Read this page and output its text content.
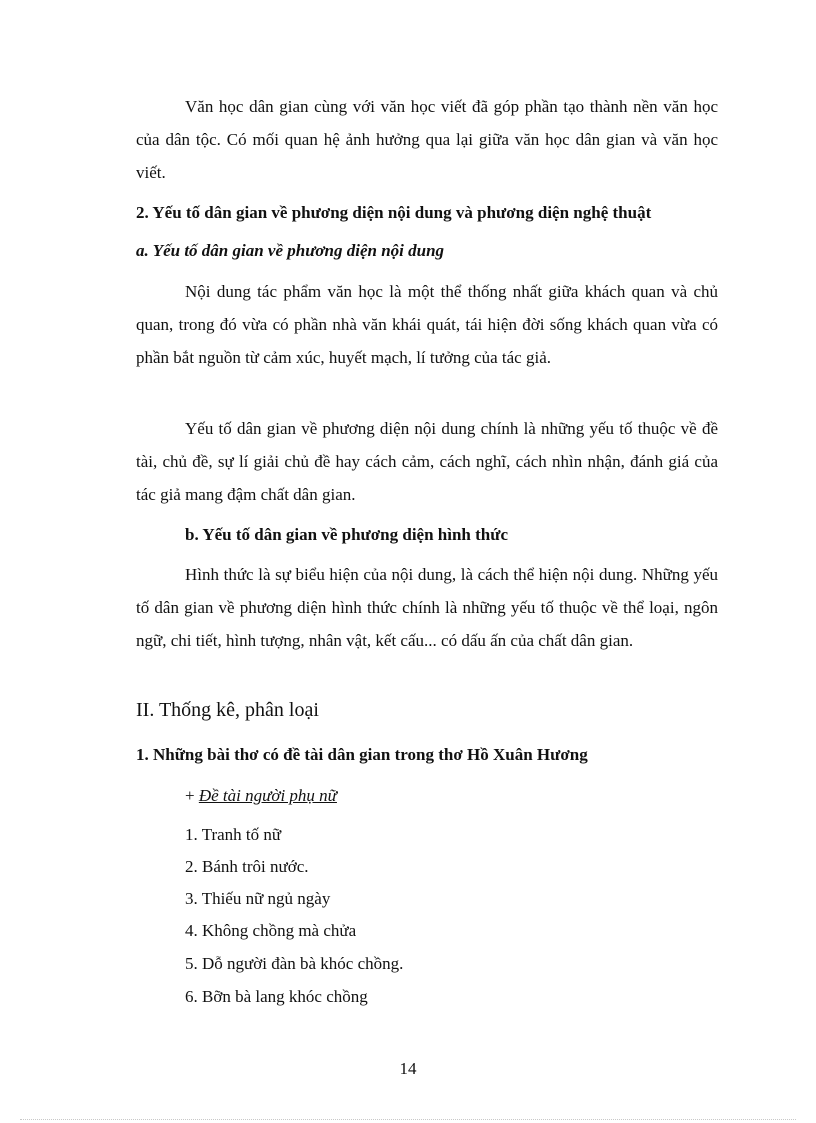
Văn học dân gian cùng với văn học viết đã góp phần tạo thành nền văn học của dân tộc. Có mối quan hệ ảnh hưởng qua lại giữa văn học dân gian và văn học viết.

2. Yếu tố dân gian về phương diện nội dung và phương diện nghệ thuật

a. Yếu tố dân gian về phương diện nội dung

Nội dung tác phẩm văn học là một thể thống nhất giữa khách quan và chủ quan, trong đó vừa có phần nhà văn khái quát, tái hiện đời sống khách quan vừa có phần bắt nguồn từ cảm xúc, huyết mạch, lí tưởng của tác giả.

Yếu tố dân gian về phương diện nội dung chính là những yếu tố thuộc về đề tài, chủ đề, sự lí giải chủ đề hay cách cảm, cách nghĩ, cách nhìn nhận, đánh giá của tác giả mang đậm chất dân gian.

b. Yếu tố dân gian về phương diện hình thức

Hình thức là sự biểu hiện của nội dung, là cách thể hiện nội dung. Những yếu tố dân gian về phương diện hình thức chính là những yếu tố thuộc về thể loại, ngôn ngữ, chi tiết, hình tượng, nhân vật, kết cấu... có dấu ấn của chất dân gian.

II. Thống kê, phân loại

1. Những bài thơ có đề tài dân gian trong thơ Hồ Xuân Hương

+ Đề tài người phụ nữ

1. Tranh tố nữ

2. Bánh trôi nước.

3. Thiếu nữ ngủ ngày

4. Không chồng mà chửa

5. Dỗ người đàn bà khóc chồng.

6. Bỡn bà lang khóc chồng

14
